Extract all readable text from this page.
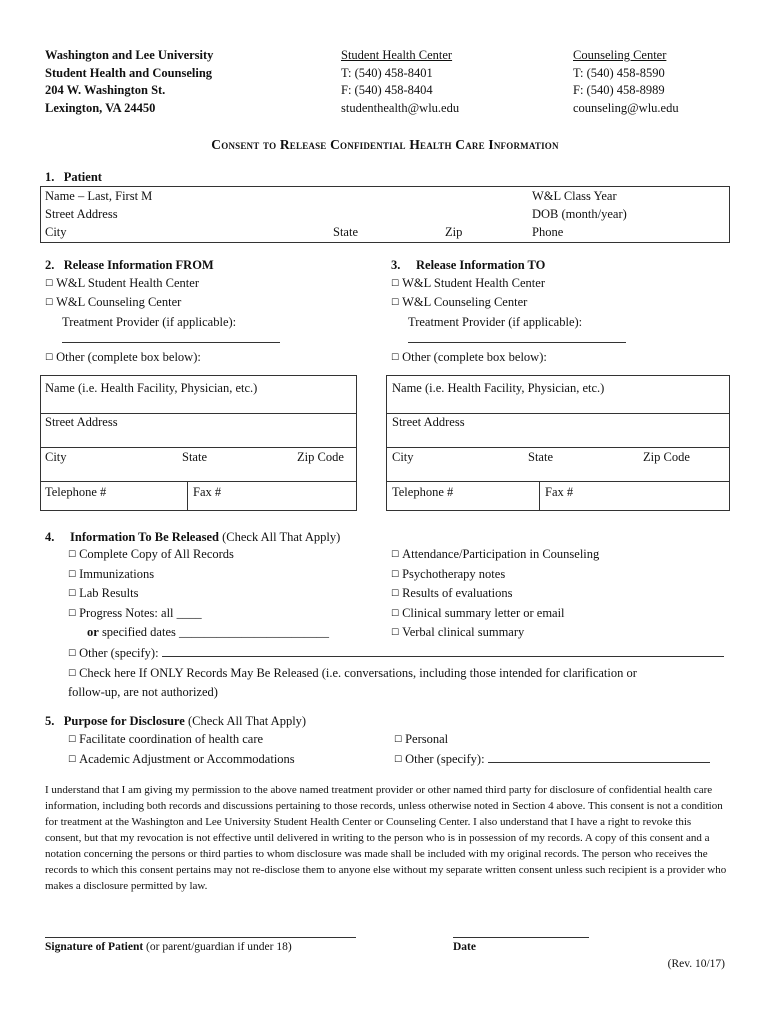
Washington and Lee University
Student Health and Counseling
204 W. Washington St.
Lexington, VA 24450
Student Health Center
T: (540) 458-8401
F: (540) 458-8404
studenthealth@wlu.edu
Counseling Center
T: (540) 458-8590
F: (540) 458-8989
counseling@wlu.edu
Consent to Release Confidential Health Care Information
1.   Patient
Name – Last, First M	W&L Class Year
Street Address	DOB (month/year)
City	State	Zip	Phone
2.   Release Information FROM
☐ W&L Student Health Center
☐ W&L Counseling Center
Treatment Provider (if applicable):
☐ Other (complete box below):
3.     Release Information TO
☐ W&L Student Health Center
☐ W&L Counseling Center
Treatment Provider (if applicable):
☐ Other (complete box below):
Name (i.e. Health Facility, Physician, etc.)
Street Address
City	State	Zip Code
Telephone #	Fax #
Name (i.e. Health Facility, Physician, etc.)
Street Address
City	State	Zip Code
Telephone #	Fax #
4.     Information To Be Released (Check All That Apply)
☐ Complete Copy of All Records
☐ Immunizations
☐ Lab Results
☐ Progress Notes: all ____
or specified dates ________________________
☐ Attendance/Participation in Counseling
☐ Psychotherapy notes
☐ Results of evaluations
☐ Clinical summary letter or email
☐ Verbal clinical summary
☐ Other (specify):
☐ Check here If ONLY Records May Be Released (i.e. conversations, including those intended for clarification or
follow-up, are not authorized)
5.   Purpose for Disclosure (Check All That Apply)
☐ Facilitate coordination of health care
☐ Academic Adjustment or Accommodations
☐ Personal
☐ Other (specify):
I understand that I am giving my permission to the above named treatment provider or other named third party for disclosure of confidential health care information, including both records and discussions pertaining to those records, unless otherwise noted in Section 4 above. This consent is not a condition for treatment at the Washington and Lee University Student Health Center or Counseling Center. I also understand that I have a right to revoke this consent, but that my revocation is not effective until delivered in writing to the person who is in possession of my records. A copy of this consent and a notation concerning the persons or third parties to whom disclosure was made shall be included with my original records. The person who receives the records to which this consent pertains may not re-disclose them to anyone else without my separate written consent unless such recipient is a provider who makes a disclosure permitted by law.
Signature of Patient (or parent/guardian if under 18)	Date
(Rev. 10/17)
